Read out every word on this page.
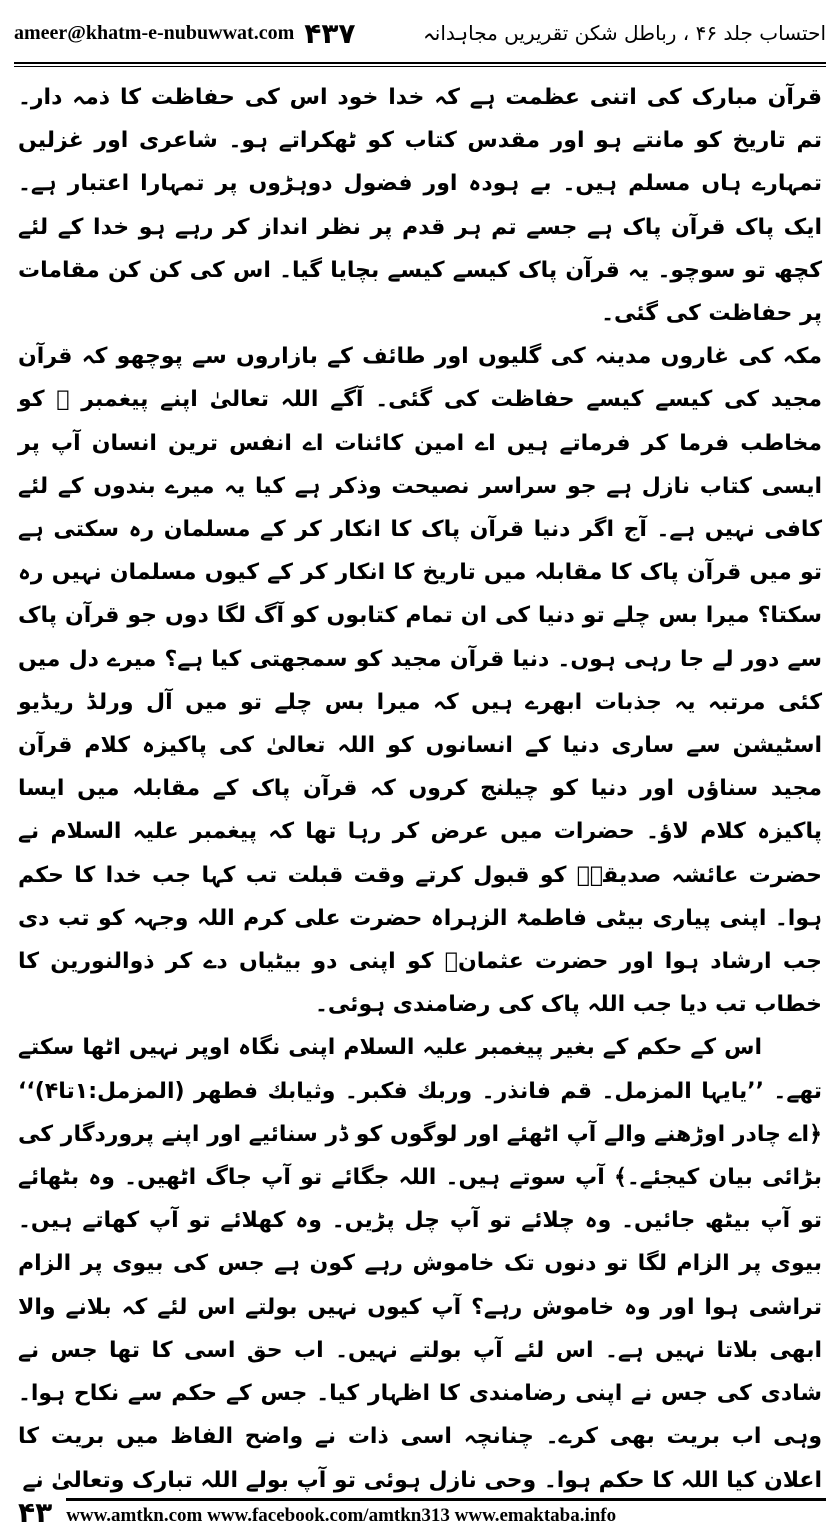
ameer@khatm-e-nubuwwat.com ۴۳۷	احتساب جلد ۴۶ ، رباطل شکن تقریریں مجاہدانہ

قرآن مبارک کی اتنی عظمت ہے کہ خدا خود اس کی حفاظت کا ذمہ دار۔ تم تاریخ کو مانتے ہو اور مقدس کتاب کو ٹھکراتے ہو۔ شاعری اور غزلیں تمہارے ہاں مسلم ہیں۔ بے ہودہ اور فضول دوہڑوں پر تمہارا اعتبار ہے۔ ایک پاک قرآن پاک ہے جسے تم ہر قدم پر نظر انداز کر رہے ہو خدا کے لئے کچھ تو سوچو۔ یہ قرآن پاک کیسے کیسے بچایا گیا۔ اس کی کن کن مقامات پر حفاظت کی گئی۔

مکہ کی غاروں مدینہ کی گلیوں اور طائف کے بازاروں سے پوچھو کہ قرآن مجید کی کیسے کیسے حفاظت کی گئی۔ آگے اللہ تعالیٰ اپنے پیغمبر ﷺ کو مخاطب فرما کر فرماتے ہیں اے امین کائنات اے انفس ترین انسان آپ پر ایسی کتاب نازل ہے جو سراسر نصیحت وذکر ہے کیا یہ میرے بندوں کے لئے کافی نہیں ہے۔ آج اگر دنیا قرآن پاک کا انکار کر کے مسلمان رہ سکتی ہے تو میں قرآن پاک کا مقابلہ میں تاریخ کا انکار کر کے کیوں مسلمان نہیں رہ سکتا؟ میرا بس چلے تو دنیا کی ان تمام کتابوں کو آگ لگا دوں جو قرآن پاک سے دور لے جا رہی ہوں۔ دنیا قرآن مجید کو سمجھتی کیا ہے؟ میرے دل میں کئی مرتبہ یہ جذبات ابھرے ہیں کہ میرا بس چلے تو میں آل ورلڈ ریڈیو اسٹیشن سے ساری دنیا کے انسانوں کو اللہ تعالیٰ کی پاکیزہ کلام قرآن مجید سناؤں اور دنیا کو چیلنج کروں کہ قرآن پاک کے مقابلہ میں ایسا پاکیزہ کلام لاؤ۔ حضرات میں عرض کر رہا تھا کہ پیغمبر علیہ السلام نے حضرت عائشہ صدیقہؓ کو قبول کرتے وقت قبلت تب کہا جب خدا کا حکم ہوا۔ اپنی پیاری بیٹی فاطمۃ الزہراہ حضرت علی کرم اللہ وجہہ کو تب دی جب ارشاد ہوا اور حضرت عثمانؓ کو اپنی دو بیٹیاں دے کر ذوالنورین کا خطاب تب دیا جب اللہ پاک کی رضامندی ہوئی۔

اس کے حکم کے بغیر پیغمبر علیہ السلام اپنی نگاہ اوپر نہیں اٹھا سکتے تھے۔ ’’یایہا المزمل۔ قم فانذر۔ وربك فکبر۔ وثیابك فطهر (المزمل:۱تا۴)‘‘ ﴿اے چادر اوڑھنے والے آپ اٹھئے اور لوگوں کو ڈر سنائیے اور اپنے پروردگار کی بڑائی بیان کیجئے۔﴾ آپ سوتے ہیں۔ اللہ جگائے تو آپ جاگ اٹھیں۔ وہ بٹھائے تو آپ بیٹھ جائیں۔ وہ چلائے تو آپ چل پڑیں۔ وہ کھلائے تو آپ کھاتے ہیں۔ بیوی پر الزام لگا تو دنوں تک خاموش رہے کون ہے جس کی بیوی پر الزام تراشی ہوا اور وہ خاموش رہے؟ آپ کیوں نہیں بولتے اس لئے کہ بلانے والا ابھی بلاتا نہیں ہے۔ اس لئے آپ بولتے نہیں۔ اب حق اسی کا تھا جس نے شادی کی جس نے اپنی رضامندی کا اظہار کیا۔ جس کے حکم سے نکاح ہوا۔ وہی اب بریت بھی کرے۔ چنانچہ اسی ذات نے واضح الفاظ میں بریت کا اعلان کیا اللہ کا حکم ہوا۔ وحی نازل ہوئی تو آپ بولے اللہ تبارک وتعالیٰ نے

۴۳ www.amtkn.com www.facebook.com/amtkn313 www.emaktaba.info
